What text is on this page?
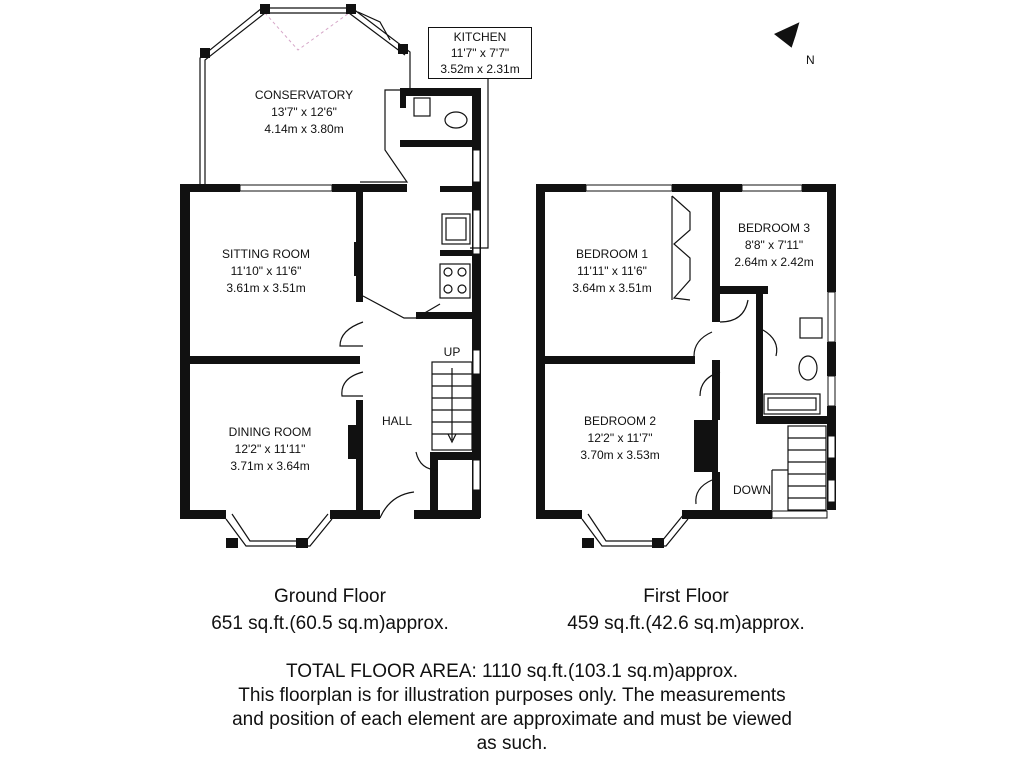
N
CONSERVATORY
13'7" x 12'6"
4.14m x 3.80m
SITTING ROOM
11'10" x 11'6"
3.61m x 3.51m
DINING ROOM
12'2" x 11'11"
3.71m x 3.64m
HALL
BEDROOM 1
11'11" x 11'6"
3.64m x 3.51m
BEDROOM 2
12'2" x 11'7"
3.70m x 3.53m
BEDROOM 3
8'8" x 7'11"
2.64m x 2.42m
UP
DOWN
KITCHEN
11'7" x 7'7"
3.52m x 2.31m
Ground Floor
651 sq.ft.(60.5 sq.m)approx.
First Floor
459 sq.ft.(42.6 sq.m)approx.
TOTAL FLOOR AREA: 1110 sq.ft.(103.1 sq.m)approx.
This floorplan is for illustration purposes only. The measurements
and position of each element are approximate and must be viewed
as such.
